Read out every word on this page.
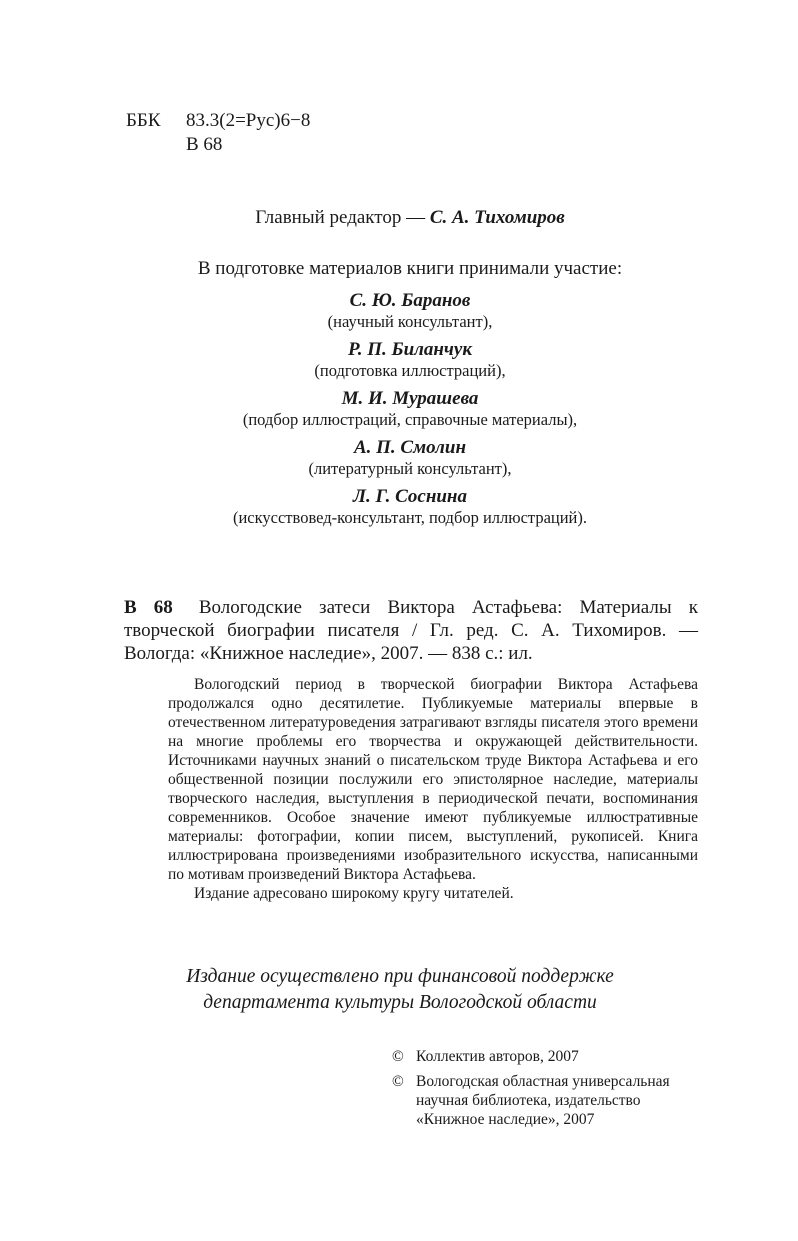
ББК 83.3(2=Рус)6−8
В 68
Главный редактор — С. А. Тихомиров
В подготовке материалов книги принимали участие:
С. Ю. Баранов
(научный консультант),
Р. П. Биланчук
(подготовка иллюстраций),
М. И. Мурашева
(подбор иллюстраций, справочные материалы),
А. П. Смолин
(литературный консультант),
Л. Г. Соснина
(искусствовед-консультант, подбор иллюстраций).
В 68 Вологодские затеси Виктора Астафьева: Материалы к творческой биографии писателя / Гл. ред. С. А. Тихомиров. — Вологда: «Книжное наследие», 2007. — 838 с.: ил.

Вологодский период в творческой биографии Виктора Астафьева продолжался одно десятилетие. Публикуемые материалы впервые в отечественном литературоведения затрагивают взгляды писателя этого времени на многие проблемы его творчества и окружающей действительности. Источниками научных знаний о писательском труде Виктора Астафьева и его общественной позиции послужили его эпистолярное наследие, материалы творческого наследия, выступления в периодической печати, воспоминания современников. Особое значение имеют публикуемые иллюстративные материалы: фотографии, копии писем, выступлений, рукописей. Книга иллюстрирована произведениями изобразительного искусства, написанными по мотивам произведений Виктора Астафьева.

Издание адресовано широкому кругу читателей.

Издание осуществлено при финансовой поддержке
департамента культуры Вологодской области
© Коллектив авторов, 2007
© Вологодская областная универсальная научная библиотека, издательство «Книжное наследие», 2007
